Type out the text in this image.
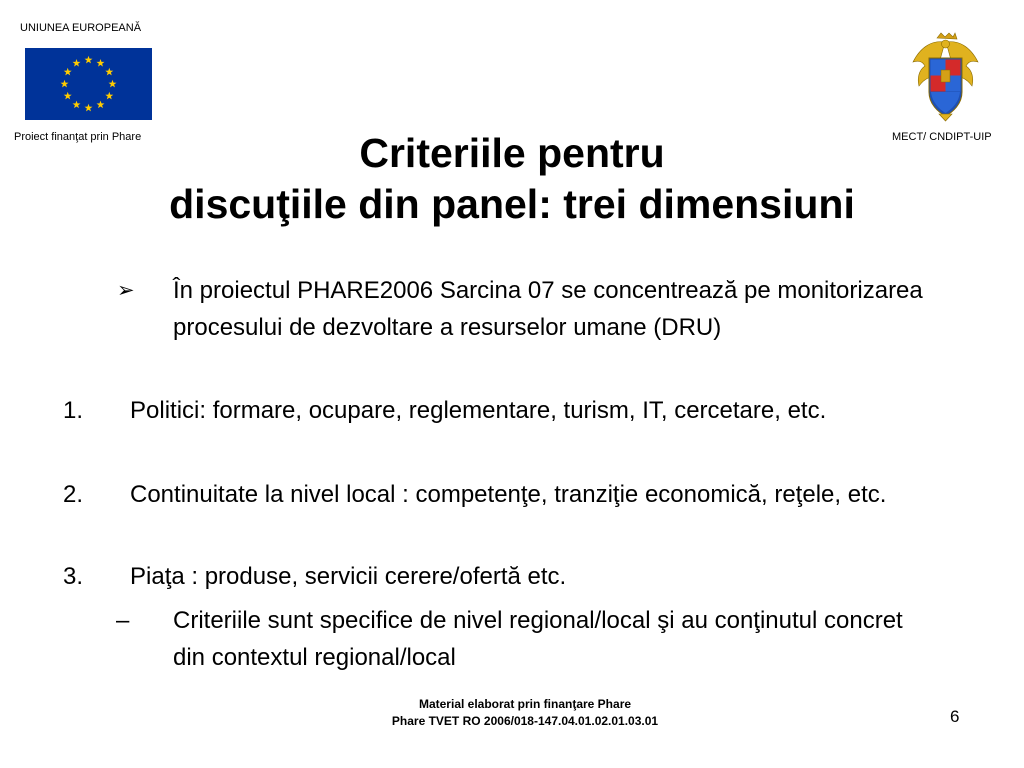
UNIUNEA EUROPEANĂ
Proiect finanţat prin Phare	MECT/ CNDIPT-UIP
Criteriile pentru
discuţiile din panel: trei dimensiuni
➢ În proiectul PHARE2006 Sarcina 07 se concentrează pe monitorizarea procesului de dezvoltare a resurselor umane (DRU)
1. Politici: formare, ocupare, reglementare, turism, IT, cercetare, etc.
2. Continuitate la nivel local : competenţe, tranziţie economică, reţele, etc.
3. Piaţa : produse, servicii cerere/ofertă etc.
– Criteriile sunt specifice de nivel regional/local şi au conţinutul concret din contextul regional/local
Material elaborat prin finanţare Phare
Phare TVET RO 2006/018-147.04.01.02.01.03.01	6
